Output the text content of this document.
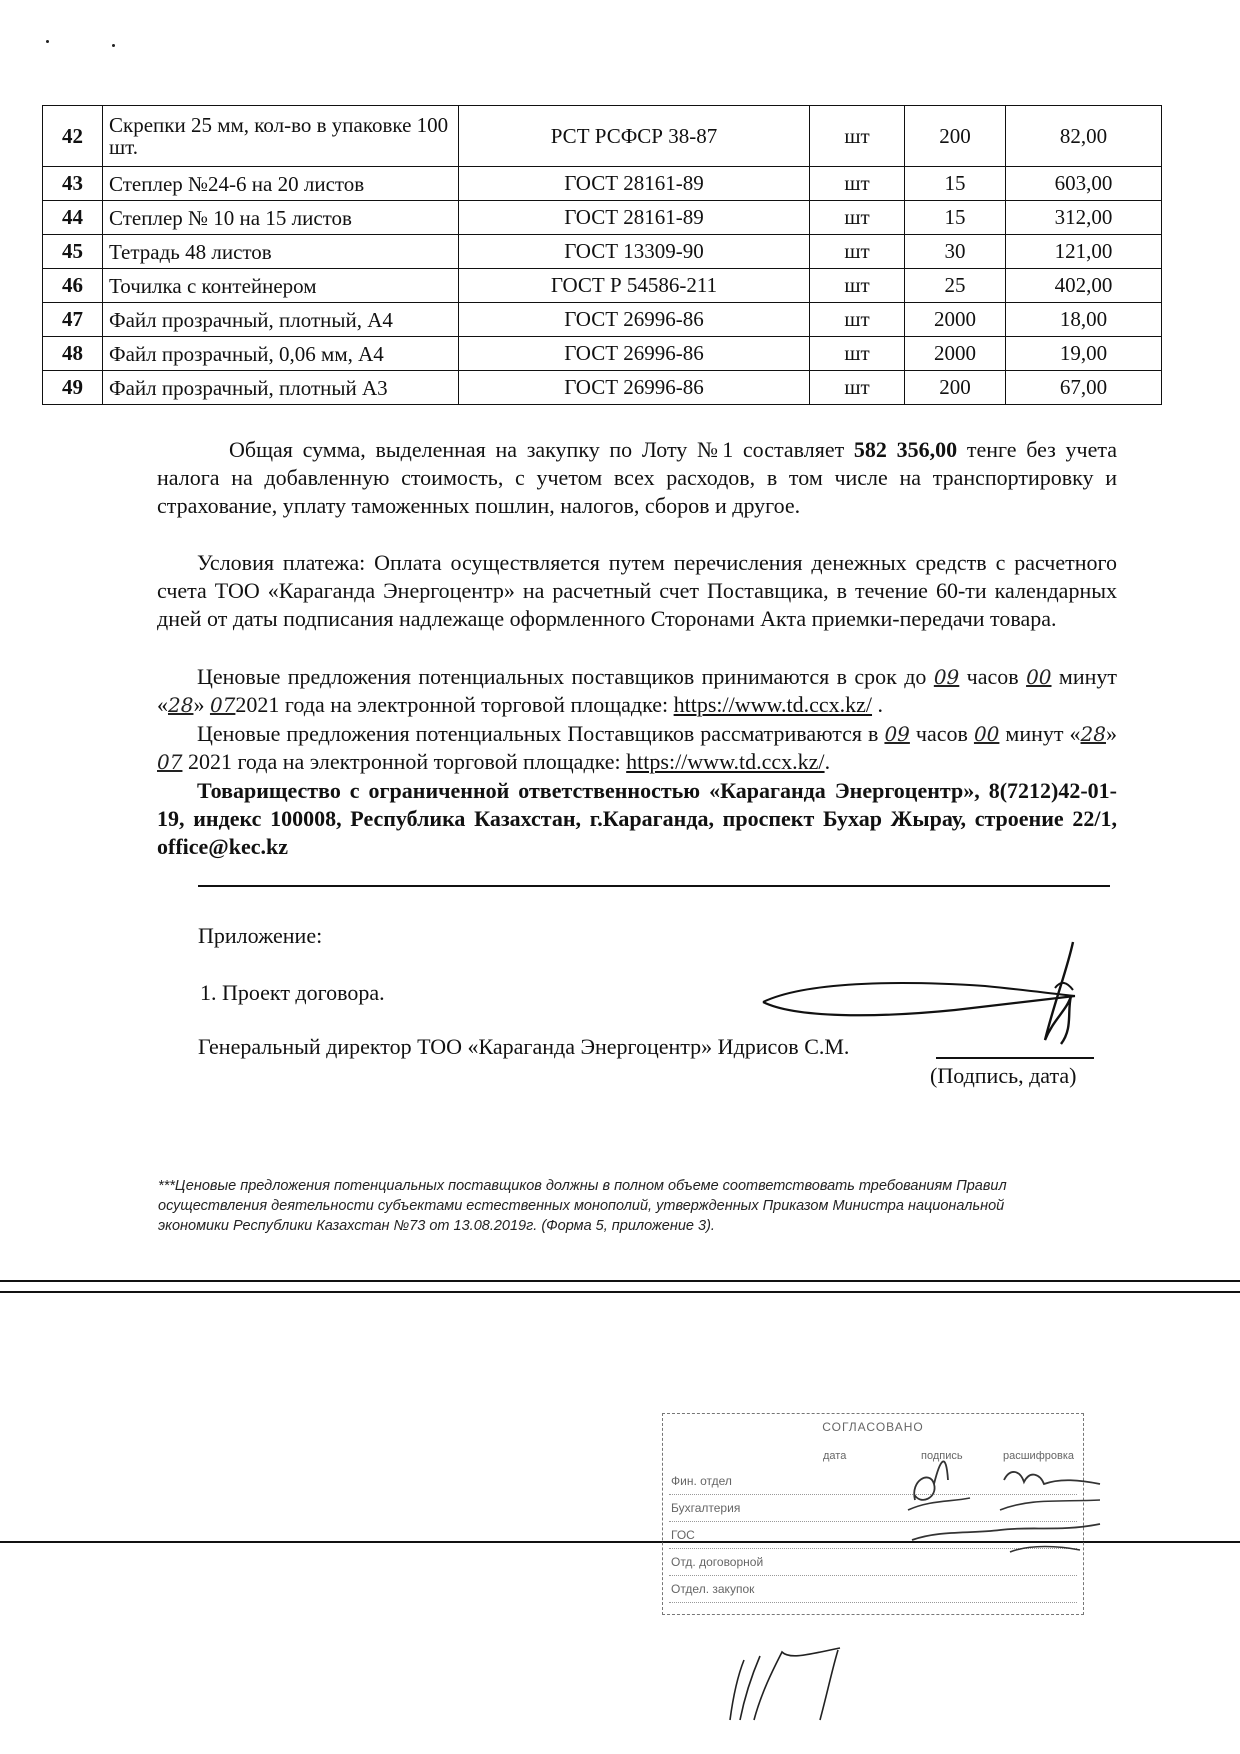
42	Скрепки 25 мм, кол-во в упаковке 100 шт.	РСТ РСФСР 38-87	шт	200	82,00
43	Степлер №24-6 на 20 листов	ГОСТ 28161-89	шт	15	603,00
44	Степлер № 10 на 15 листов	ГОСТ 28161-89	шт	15	312,00
45	Тетрадь 48 листов	ГОСТ 13309-90	шт	30	121,00
46	Точилка с контейнером	ГОСТ Р 54586-211	шт	25	402,00
47	Файл прозрачный, плотный, А4	ГОСТ 26996-86	шт	2000	18,00
48	Файл прозрачный, 0,06 мм, А4	ГОСТ 26996-86	шт	2000	19,00
49	Файл прозрачный, плотный А3	ГОСТ 26996-86	шт	200	67,00
Общая сумма, выделенная на закупку по Лоту №1 составляет 582 356,00 тенге без учета налога на добавленную стоимость, с учетом всех расходов, в том числе на транспортировку и страхование, уплату таможенных пошлин, налогов, сборов и другое.
Условия платежа: Оплата осуществляется путем перечисления денежных средств с расчетного счета ТОО «Караганда Энергоцентр» на расчетный счет Поставщика, в течение 60-ти календарных дней от даты подписания надлежаще оформленного Сторонами Акта приемки-передачи товара.
Ценовые предложения потенциальных поставщиков принимаются в срок до 09 часов 00 минут «28» 072021 года на электронной торговой площадке: https://www.td.ccx.kz/ .
Ценовые предложения потенциальных Поставщиков рассматриваются в 09 часов 00 минут «28» 07 2021 года на электронной торговой площадке: https://www.td.ccx.kz/.
Товарищество с ограниченной ответственностью «Караганда Энергоцентр», 8(7212)42-01-19, индекс 100008, Республика Казахстан, г.Караганда, проспект Бухар Жырау, строение 22/1, office@kec.kz
Приложение:
1. Проект договора.
Генеральный директор ТОО «Караганда Энергоцентр» Идрисов С.М.
(Подпись, дата)
***Ценовые предложения потенциальных поставщиков должны в полном объеме соответствовать требованиям Правил осуществления деятельности субъектами естественных монополий, утвержденных Приказом Министра национальной экономики Республики Казахстан №73 от 13.08.2019г. (Форма 5, приложение 3).
СОГЛАСОВАНО
дата	подпись	расшифровка
Фин. отдел
Бухгалтерия
ГОС
Отд. договорной
Отдел. закупок
